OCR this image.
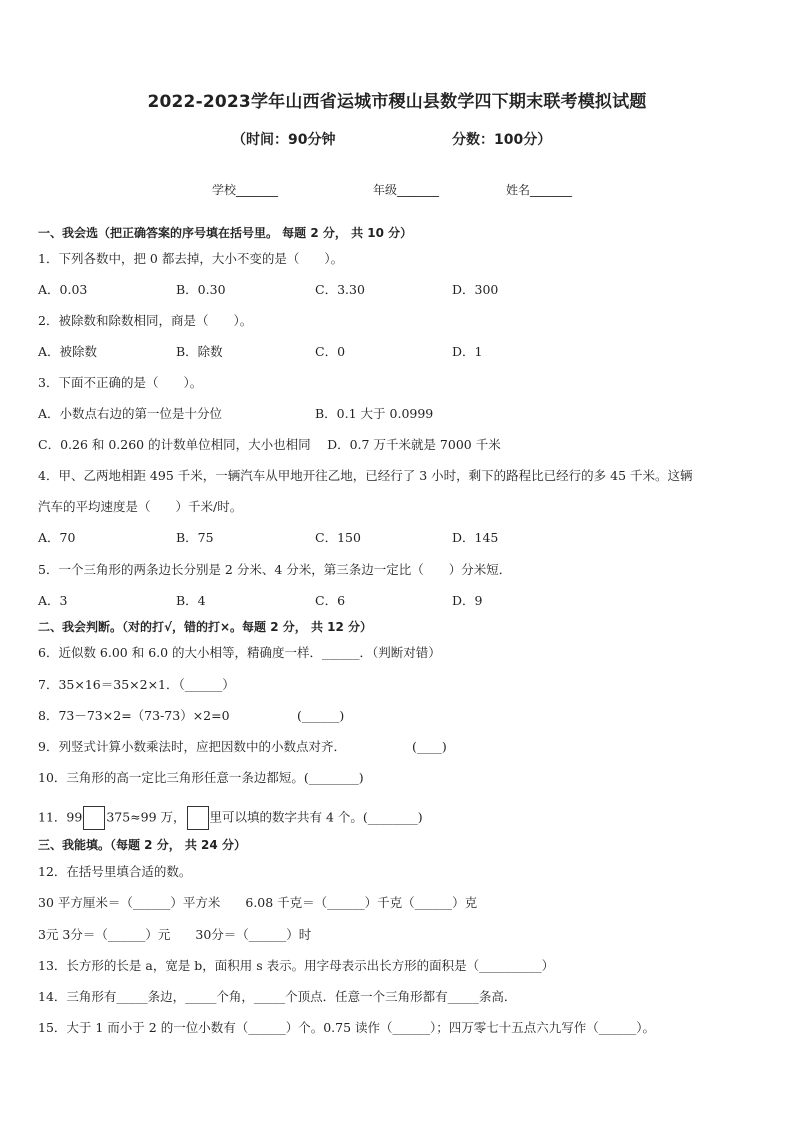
2022-2023学年山西省运城市稷山县数学四下期末联考模拟试题
（时间：90分钟	分数：100分）
学校_______	年级_______	姓名_______
一、我会选（把正确答案的序号填在括号里。 每题 2 分， 共 10 分）
1．下列各数中，把 0 都去掉，大小不变的是（　　）。
A．0.03	B．0.30	C．3.30	D．300
2．被除数和除数相同，商是（　　）。
A．被除数	B．除数	C．0	D．1
3．下面不正确的是（　　）。
A．小数点右边的第一位是十分位	B．0.1 大于 0.0999
C．0.26 和 0.260 的计数单位相同，大小也相同　 D．0.7 万千米就是 7000 千米
4．甲、乙两地相距 495 千米，一辆汽车从甲地开往乙地，已经行了 3 小时，剩下的路程比已经行的多 45 千米。这辆
汽车的平均速度是（　　）千米/时。
A．70	B．75	C．150	D．145
5．一个三角形的两条边长分别是 2 分米、4 分米，第三条边一定比（　　）分米短．
A．3	B．4	C．6	D．9
二、我会判断。（对的打√，错的打×。每题 2 分， 共 12 分）
6．近似数 6.00 和 6.0 的大小相等，精确度一样．______．（判断对错）
7．35×16＝35×2×1．（______）
8．73－73×2=（73-73）×2=0	(______)
9．列竖式计算小数乘法时，应把因数中的小数点对齐．	(____)
10．三角形的高一定比三角形任意一条边都短。(________)
11．99 375≈99 万， 里可以填的数字共有 4 个。(________)
三、我能填。（每题 2 分， 共 24 分）
12．在括号里填合适的数。
30 平方厘米＝（______）平方米　　6.08 千克＝（______）千克（______）克
3元 3分＝（______）元　　30分＝（______）时
13．长方形的长是 a，宽是 b，面积用 s 表示。用字母表示出长方形的面积是（__________）
14．三角形有_____条边，_____个角，_____个顶点．任意一个三角形都有_____条高．
15．大于 1 而小于 2 的一位小数有（______）个。0.75 读作（______）；四万零七十五点六九写作（______）。
